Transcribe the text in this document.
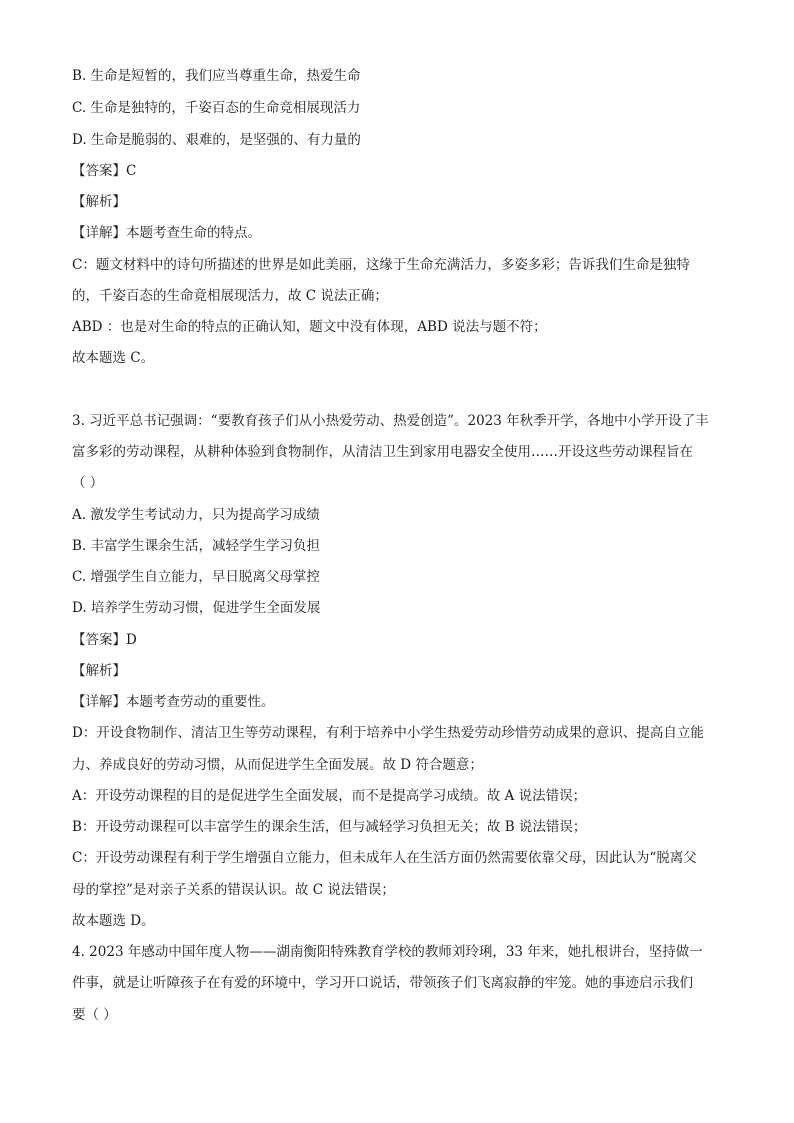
B. 生命是短暂的，我们应当尊重生命，热爱生命
C. 生命是独特的，千姿百态的生命竞相展现活力
D. 生命是脆弱的、艰难的，是坚强的、有力量的
【答案】C
【解析】
【详解】本题考查生命的特点。
C：题文材料中的诗句所描述的世界是如此美丽，这缘于生命充满活力，多姿多彩；告诉我们生命是独特
的，千姿百态的生命竟相展现活力，故 C 说法正确；
ABD ：也是对生命的特点的正确认知，题文中没有体现，ABD 说法与题不符；
故本题选 C。
3. 习近平总书记强调：“要教育孩子们从小热爱劳动、热爱创造”。2023 年秋季开学，各地中小学开设了丰
富多彩的劳动课程，从耕种体验到食物制作，从清洁卫生到家用电器安全使用……开设这些劳动课程旨在
（ ）
A. 激发学生考试动力，只为提高学习成绩
B. 丰富学生课余生活，减轻学生学习负担
C. 增强学生自立能力，早日脱离父母掌控
D. 培养学生劳动习惯，促进学生全面发展
【答案】D
【解析】
【详解】本题考查劳动的重要性。
D：开设食物制作、清洁卫生等劳动课程，有利于培养中小学生热爱劳动珍惜劳动成果的意识、提高自立能
力、养成良好的劳动习惯，从而促进学生全面发展。故 D 符合题意；
A：开设劳动课程的目的是促进学生全面发展，而不是提高学习成绩。故 A 说法错误；
B：开设劳动课程可以丰富学生的课余生活，但与减轻学习负担无关；故 B 说法错误；
C：开设劳动课程有利于学生增强自立能力，但未成年人在生活方面仍然需要依靠父母，因此认为“脱离父
母的掌控”是对亲子关系的错误认识。故 C 说法错误；
故本题选 D。
4. 2023 年感动中国年度人物——湖南衡阳特殊教育学校的教师刘玲琍，33 年来，她扎根讲台，坚持做一
件事，就是让听障孩子在有爱的环境中，学习开口说话，带领孩子们飞离寂静的牢笼。她的事迹启示我们
要（ ）
